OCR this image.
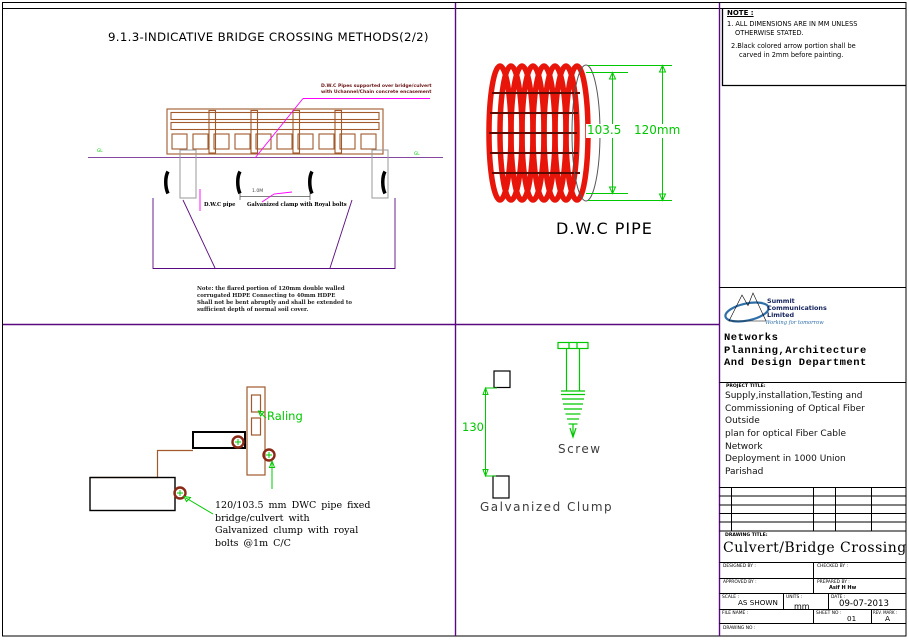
9.1.3-INDICATIVE BRIDGE CROSSING METHODS(2/2)
D.W.C Pipes supported over bridge/culvert
with Uchannel/Chain concrete encasement
GL
GL
D.W.C pipe Galvanized clamp with Royal bolts
1.0M
Note: the flared portion of 120mm double walled
corrugated HDPE Connecting to 40mm HDPE
Shall not be bent abruptly and shall be extended to
sufficient depth of normal soil cover.
103.5 120mm
D.W.C PIPE
Raling
120/103.5 mm DWC pipe fixed
bridge/culvert with
Galvanized clump with royal
bolts @1m C/C
130
Screw
Galvanized Clump
NOTE :
1. ALL DIMENSIONS ARE IN MM UNLESS
OTHERWISE STATED.
2.Black colored arrow portion shall be
carved in 2mm before painting.
Summit
Communications
Limited
Working for tomorrow
Networks
Planning,Architecture
And Design Department
PROJECT TITLE:
Supply,installation,Testing and
Commissioning of Optical Fiber
Outside
plan for optical Fiber Cable
Network
Deployment in 1000 Union
Parishad
DRAWING TITLE:
Culvert/Bridge Crossing
DESIGNED BY :	CHECKED BY :
APPROVED BY :	PREPARED BY :
Asif H Hw
SCALE :
AS SHOWN
UNITS :
mm
DATE :
09-07-2013
FILE NAME :	SHEET NO :
01
REV. MARK :
A
DRAWING NO :
